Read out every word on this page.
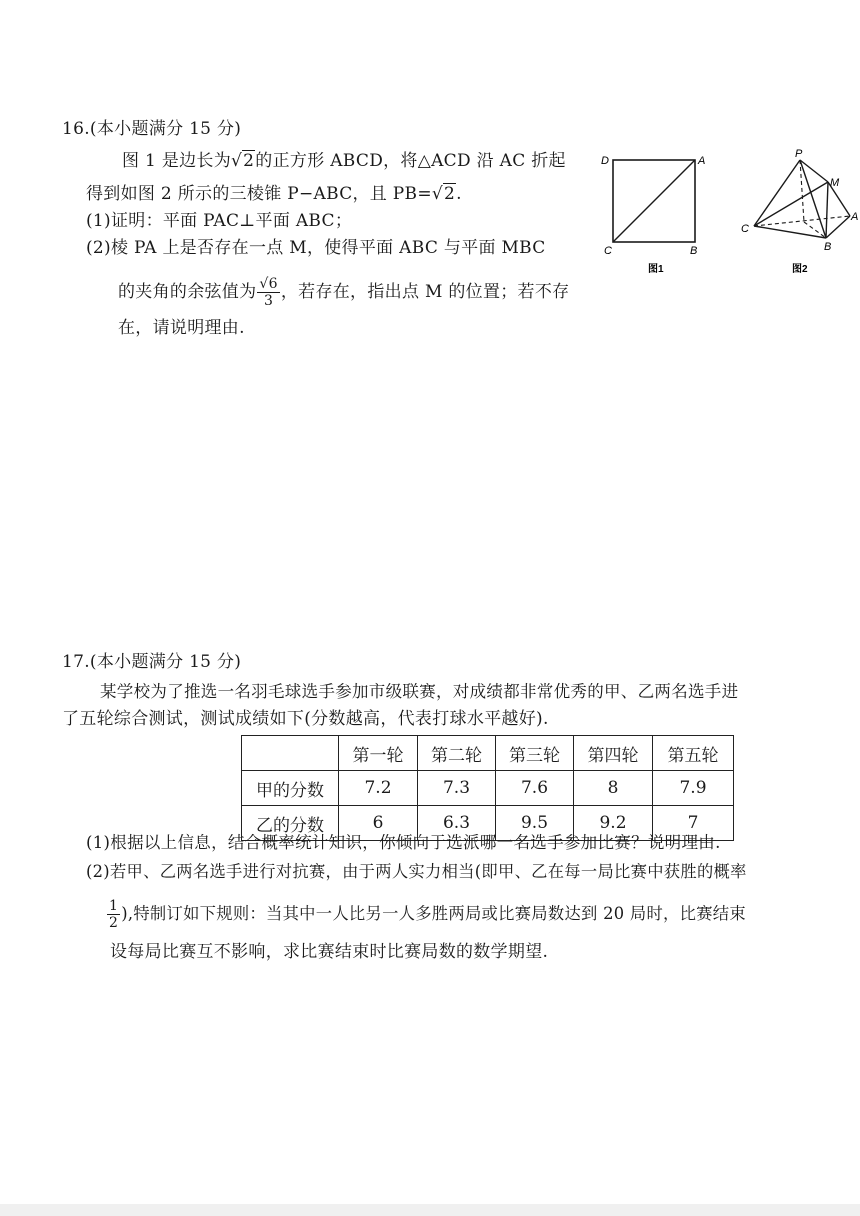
16.(本小题满分 15 分)
图 1 是边长为√2的正方形 ABCD，将△ACD 沿 AC 折起
得到如图 2 所示的三棱锥 P−ABC，且 PB=√2.
(1)证明：平面 PAC⊥平面 ABC；
(2)棱 PA 上是否存在一点 M，使得平面 ABC 与平面 MBC
的夹角的余弦值为 $\frac{√6}{3}$ ，若存在，指出点 M 的位置；若不存
在，请说明理由.
D	A
C	B
图1
P
M
C
A
B
图2
17.(本小题满分 15 分)
某学校为了推选一名羽毛球选手参加市级联赛，对成绩都非常优秀的甲、乙两名选手进
了五轮综合测试，测试成绩如下(分数越高，代表打球水平越好).
	第一轮	第二轮	第三轮	第四轮	第五轮
甲的分数	7.2	7.3	7.6	8	7.9
乙的分数	6	6.3	9.5	9.2	7
(1)根据以上信息，结合概率统计知识，你倾向于选派哪一名选手参加比赛？说明理由.
(2)若甲、乙两名选手进行对抗赛，由于两人实力相当(即甲、乙在每一局比赛中获胜的概率
$\frac{1}{2}$ ),特制订如下规则：当其中一人比另一人多胜两局或比赛局数达到 20 局时，比赛结束
设每局比赛互不影响，求比赛结束时比赛局数的数学期望.
